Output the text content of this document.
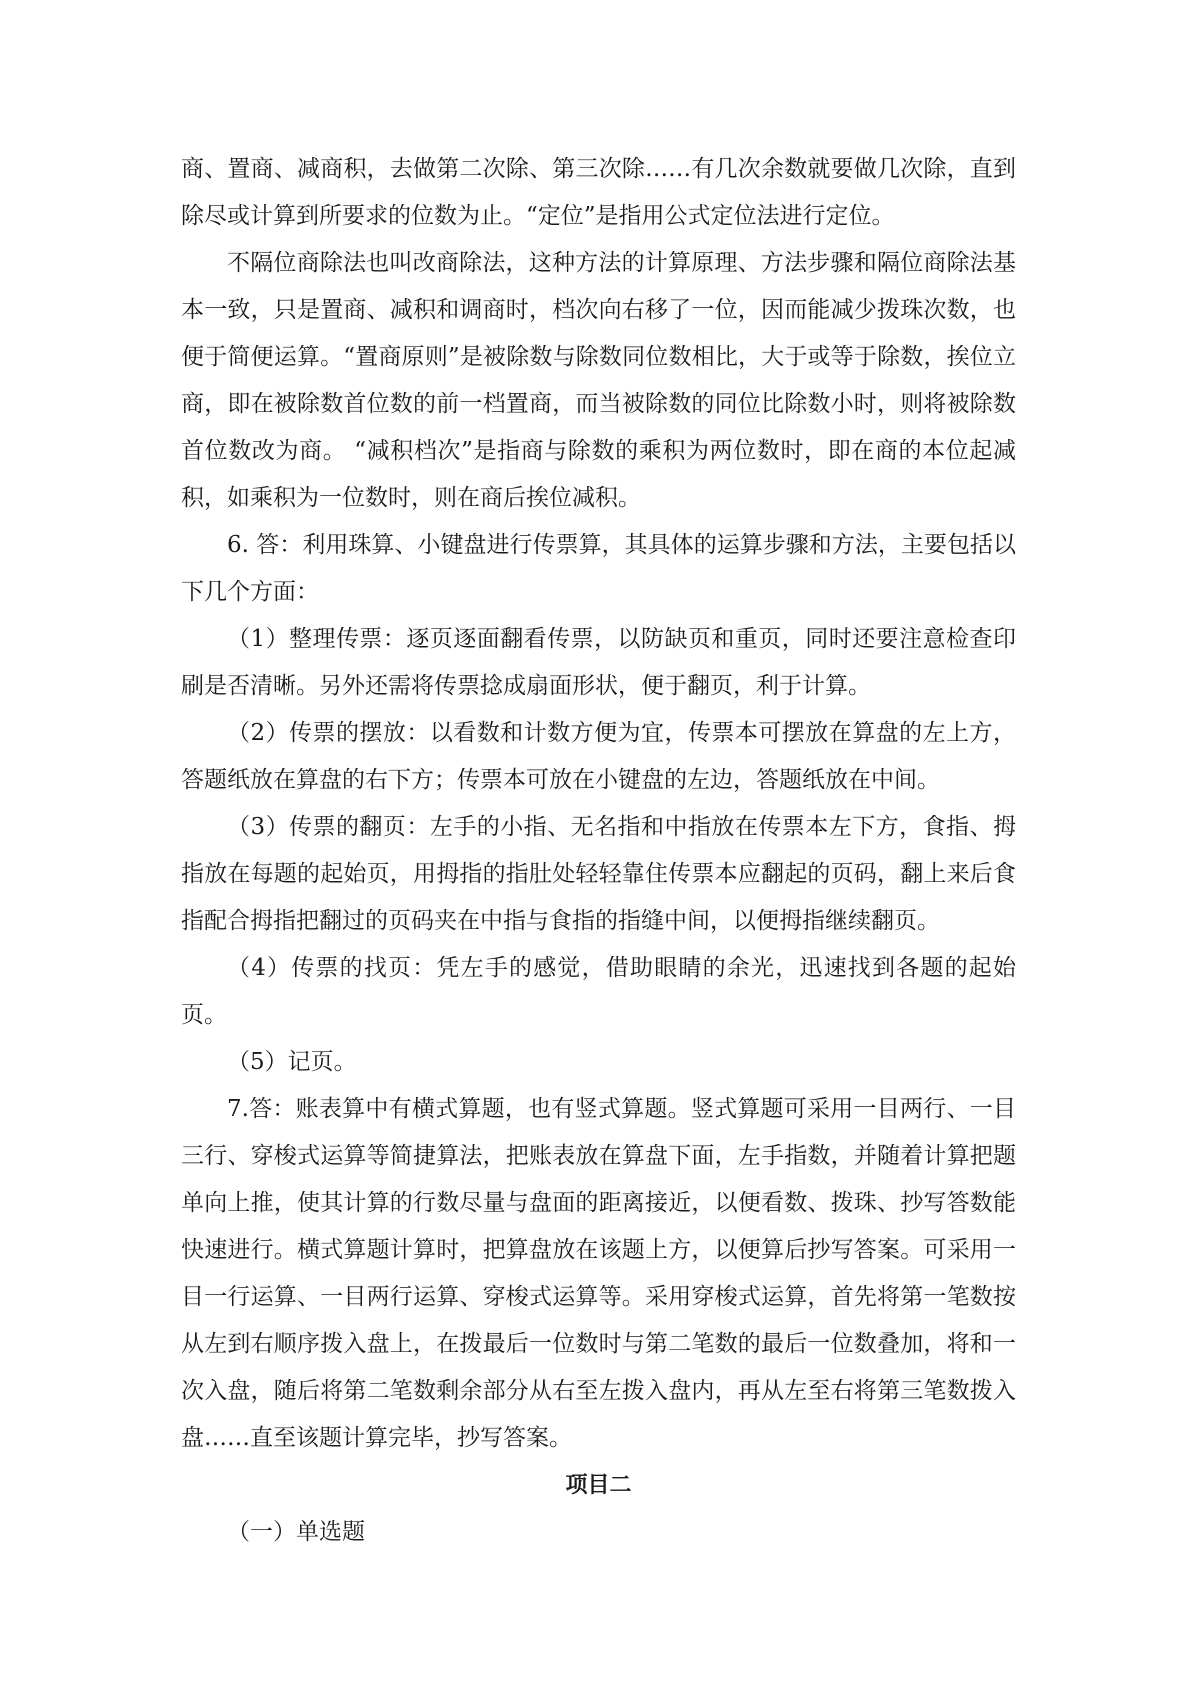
商、置商、减商积，去做第二次除、第三次除……有几次余数就要做几次除，直到除尽或计算到所要求的位数为止。“定位”是指用公式定位法进行定位。

不隔位商除法也叫改商除法，这种方法的计算原理、方法步骤和隔位商除法基本一致，只是置商、减积和调商时，档次向右移了一位，因而能减少拨珠次数，也便于简便运算。“置商原则”是被除数与除数同位数相比，大于或等于除数，挨位立商，即在被除数首位数的前一档置商，而当被除数的同位比除数小时，则将被除数首位数改为商。 “减积档次”是指商与除数的乘积为两位数时，即在商的本位起减积，如乘积为一位数时，则在商后挨位减积。

6. 答：利用珠算、小键盘进行传票算，其具体的运算步骤和方法，主要包括以下几个方面：

（1）整理传票：逐页逐面翻看传票，以防缺页和重页，同时还要注意检查印刷是否清晰。另外还需将传票捻成扇面形状，便于翻页，利于计算。

（2）传票的摆放：以看数和计数方便为宜，传票本可摆放在算盘的左上方，答题纸放在算盘的右下方；传票本可放在小键盘的左边，答题纸放在中间。

（3）传票的翻页：左手的小指、无名指和中指放在传票本左下方，食指、拇指放在每题的起始页，用拇指的指肚处轻轻靠住传票本应翻起的页码，翻上来后食指配合拇指把翻过的页码夹在中指与食指的指缝中间，以便拇指继续翻页。

（4）传票的找页：凭左手的感觉，借助眼睛的余光，迅速找到各题的起始页。

（5）记页。

7.答：账表算中有横式算题，也有竖式算题。竖式算题可采用一目两行、一目三行、穿梭式运算等简捷算法，把账表放在算盘下面，左手指数，并随着计算把题单向上推，使其计算的行数尽量与盘面的距离接近，以便看数、拨珠、抄写答数能快速进行。横式算题计算时，把算盘放在该题上方，以便算后抄写答案。可采用一目一行运算、一目两行运算、穿梭式运算等。采用穿梭式运算，首先将第一笔数按从左到右顺序拨入盘上，在拨最后一位数时与第二笔数的最后一位数叠加，将和一次入盘，随后将第二笔数剩余部分从右至左拨入盘内，再从左至右将第三笔数拨入盘……直至该题计算完毕，抄写答案。

项目二

（一）单选题
